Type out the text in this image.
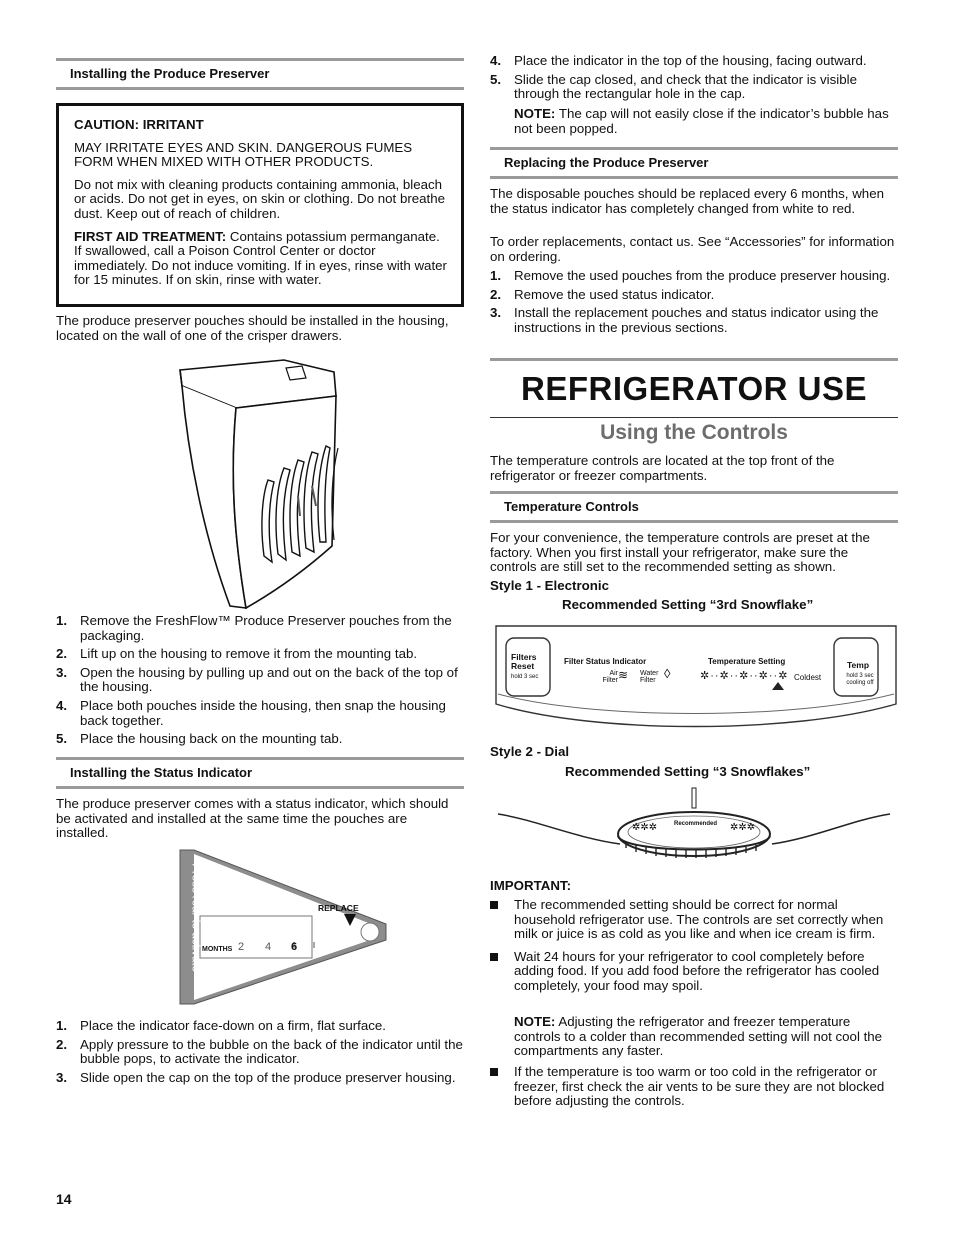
Installing the Produce Preserver

CAUTION: IRRITANT

MAY IRRITATE EYES AND SKIN. DANGEROUS FUMES FORM WHEN MIXED WITH OTHER PRODUCTS.

Do not mix with cleaning products containing ammonia, bleach or acids. Do not get in eyes, on skin or clothing. Do not breathe dust. Keep out of reach of children.

FIRST AID TREATMENT: Contains potassium permanganate. If swallowed, call a Poison Control Center or doctor immediately. Do not induce vomiting. If in eyes, rinse with water for 15 minutes. If on skin, rinse with water.

The produce preserver pouches should be installed in the housing, located on the wall of one of the crisper drawers.

1. Remove the FreshFlow™ Produce Preserver pouches from the packaging.
2. Lift up on the housing to remove it from the mounting tab.
3. Open the housing by pulling up and out on the back of the top of the housing.
4. Place both pouches inside the housing, then snap the housing back together.
5. Place the housing back on the mounting tab.
Installing the Status Indicator

The produce preserver comes with a status indicator, which should be activated and installed at the same time the pouches are installed.

Press rear to activate	REPLACE
MONTHS 2 4 6
1. Place the indicator face-down on a firm, flat surface.
2. Apply pressure to the bubble on the back of the indicator until the bubble pops, to activate the indicator.
3. Slide open the cap on the top of the produce preserver housing.
4. Place the indicator in the top of the housing, facing outward.
5. Slide the cap closed, and check that the indicator is visible through the rectangular hole in the cap.

NOTE: The cap will not easily close if the indicator’s bubble has not been popped.

Replacing the Produce Preserver

The disposable pouches should be replaced every 6 months, when the status indicator has completely changed from white to red.

To order replacements, contact us. See “Accessories” for information on ordering.

1. Remove the used pouches from the produce preserver housing.
2. Remove the used status indicator.
3. Install the replacement pouches and status indicator using the instructions in the previous sections.
REFRIGERATOR USE
Using the Controls

The temperature controls are located at the top front of the refrigerator or freezer compartments.

Temperature Controls

For your convenience, the temperature controls are preset at the factory. When you first install your refrigerator, make sure the controls are still set to the recommended setting as shown.

Style 1 - Electronic

Recommended Setting “3rd Snowflake”

Filters Reset
hold 3 sec
Filter Status Indicator
Air Filter ≋ Water Filter ◊
Temperature Setting
✲··✲··✲··✲··✲ Coldest
Temp
hold 3 sec cooling off

Style 2 - Dial

Recommended Setting “3 Snowflakes”

✲✲✲	✲✲✲
Recommended

IMPORTANT:

The recommended setting should be correct for normal household refrigerator use. The controls are set correctly when milk or juice is as cold as you like and when ice cream is firm.
Wait 24 hours for your refrigerator to cool completely before adding food. If you add food before the refrigerator has cooled completely, your food may spoil.

NOTE: Adjusting the refrigerator and freezer temperature controls to a colder than recommended setting will not cool the compartments any faster.

If the temperature is too warm or too cold in the refrigerator or freezer, first check the air vents to be sure they are not blocked before adjusting the controls.
14
